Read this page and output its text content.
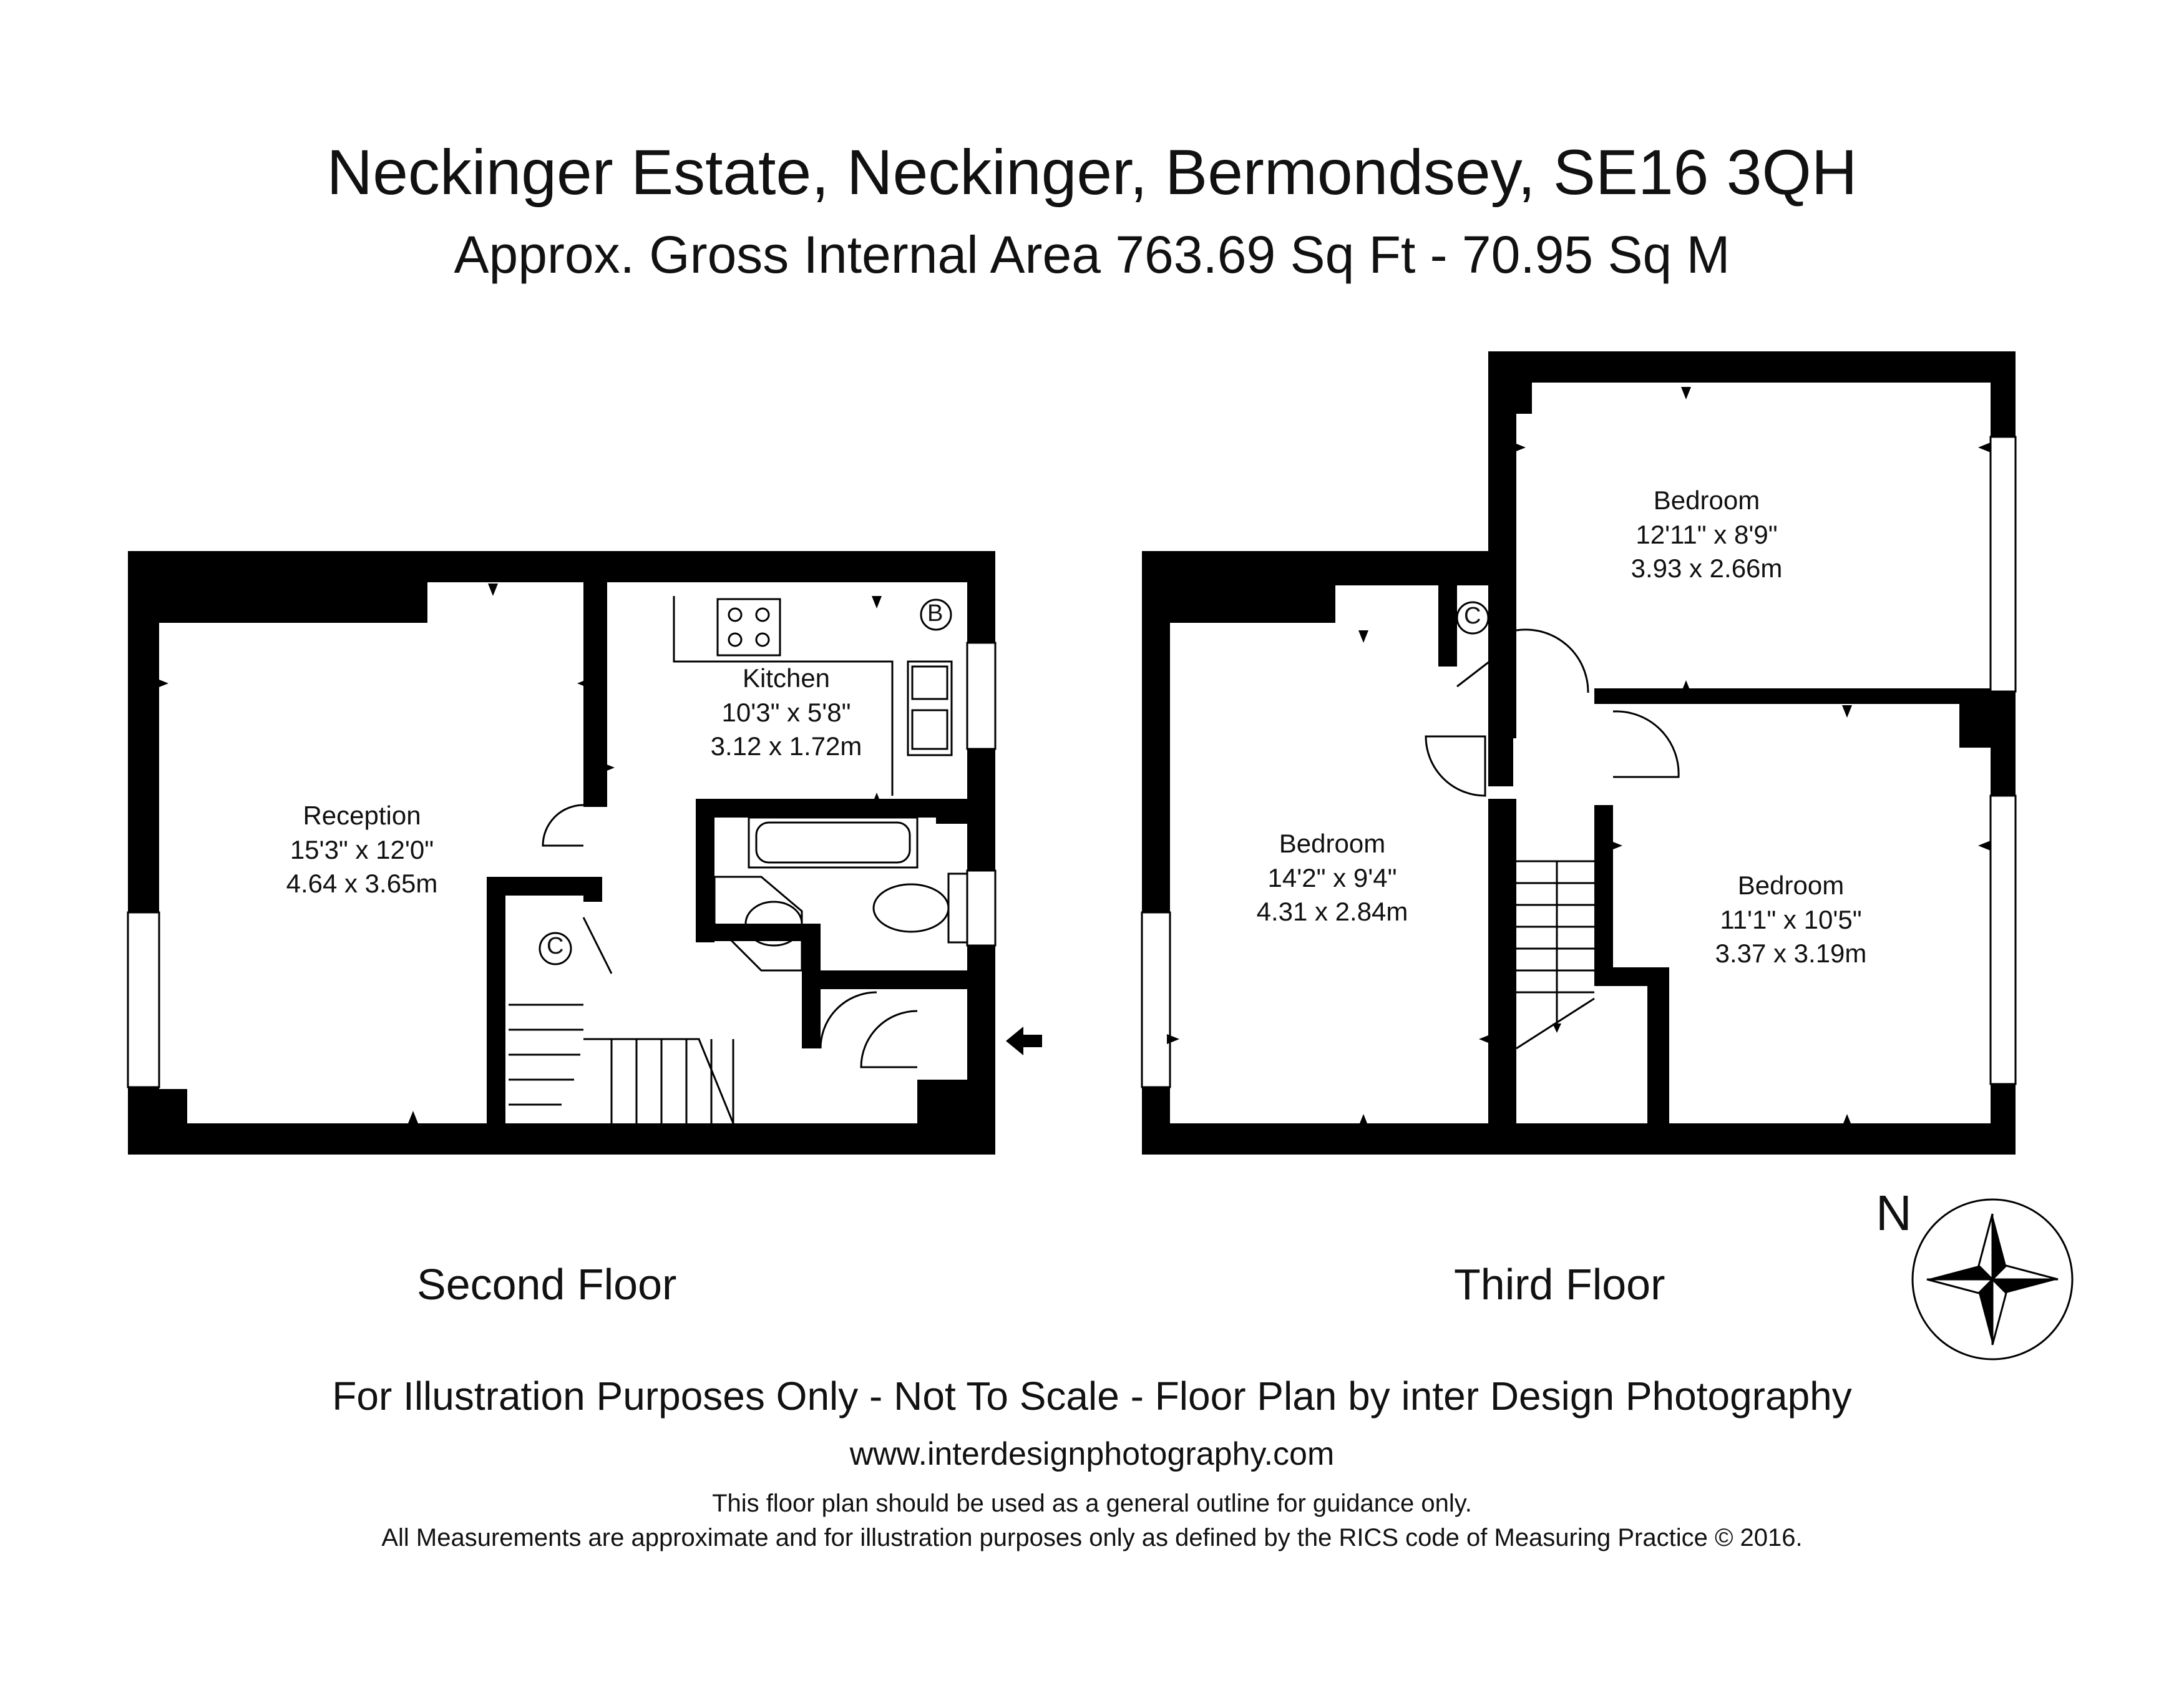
Neckinger Estate, Neckinger, Bermondsey, SE16 3QH
Approx. Gross Internal Area 763.69 Sq Ft - 70.95 Sq M
Reception
15'3" x 12'0"
4.64 x 3.65m
Kitchen
10'3" x 5'8"
3.12 x 1.72m
C
B
Bedroom
12'11" x 8'9"
3.93 x 2.66m
Bedroom
14'2" x 9'4"
4.31 x 2.84m
Bedroom
11'1" x 10'5"
3.37 x 3.19m
C
Second Floor	Third Floor
N
For Illustration Purposes Only - Not To Scale - Floor Plan by inter Design Photography
www.interdesignphotography.com
This floor plan should be used as a general outline for guidance only.
All Measurements are approximate and for illustration purposes only as defined by the RICS code of Measuring Practice © 2016.
